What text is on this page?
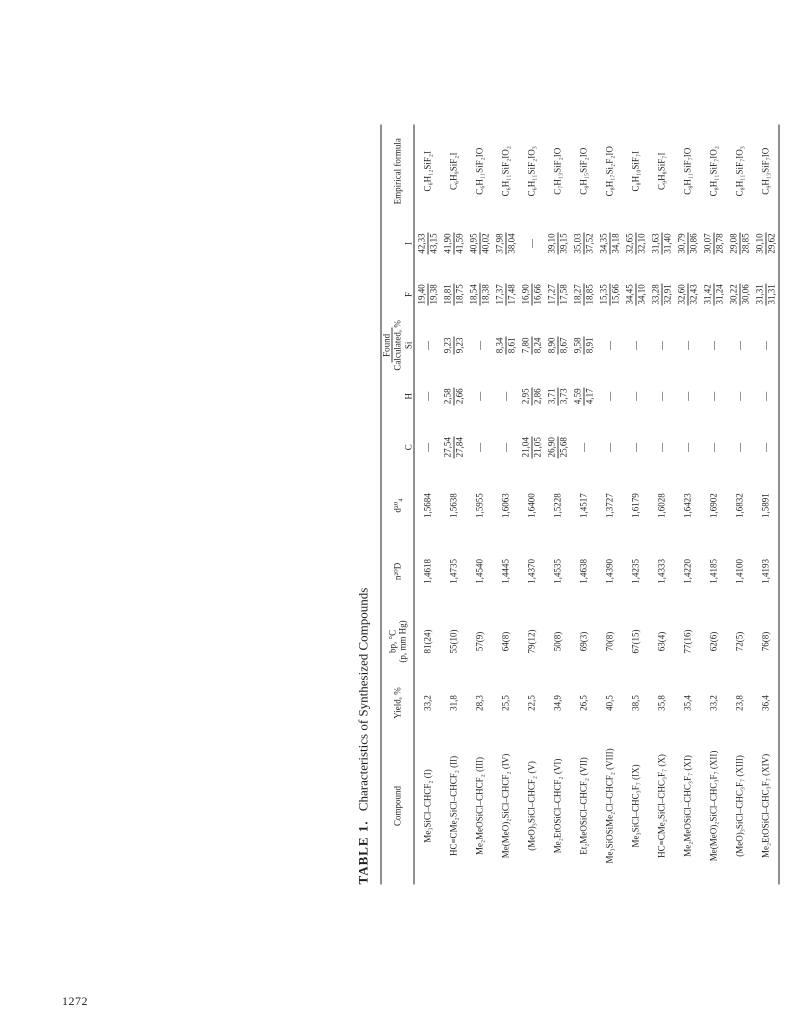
1272
TABLE 1. Characteristics of Synthesized Compounds	Compound	Yield, %	bp, °C (p, mm Hg)	n²⁰D	d²⁰₄	Found					Empirical formula
					Calculated, %					
					C	H	Si	F	I	
Me₃SiCl–CHCF₂ (I)	33,2	81(24)	1,4618	1,5684	—	—	—	19,40 19,38	42,33 43,15	C₆H₁₂SiF₂I
HC≡CMe₂SiCl–CHCF₂ (II)	31,8	55(10)	1,4735	1,5638	27,54 27,84	2,58 2,66	9,23 9,23	18,81 18,75	41,90 41,59	C₆H₉SiF₂I
Me₂MeOSiCl–CHCF₂ (III)	28,3	57(9)	1,4540	1,5955	—	—	—	18,54 18,38	40,95 40,02	C₆H₁₁SiF₂IO
Me(MeO)₂SiCl–CHCF₂ (IV)	25,5	64(8)	1,4445	1,6063	—	—	8,34 8,61	17,37 17,48	37,98 38,04	C₆H₁₁SiF₂IO₂
(MeO)₃SiCl–CHCF₂ (V)	22,5	79(12)	1,4370	1,6400	21,04 21,05	2,95 2,86	7,80 8,24	16,90 16,66	—	C₆H₁₁SiF₂IO₃
Me₂EtOSiCl–CHCF₂ (VI)	34,9	50(8)	1,4535	1,5228	26,90 25,68	3,71 3,73	8,90 8,67	17,27 17,58	39,10 39,15	C₇H₁₃SiF₂IO
Et₂MeOSiCl–CHCF₂ (VII)	26,5	69(3)	1,4638	1,4517	—	4,59 4,17	9,58 8,91	18,27 18,85	35,03 37,52	C₈H₁₅SiF₂IO
Me₃SiOSiMe₂Cl–CHCF₂ (VIII)	40,5	70(8)	1,4390	1,3727	—	—	—	15,35 15,66	34,35 34,18	C₈H₁₇Si₂F₂IO
Me₃SiCl–CHC₃F₇ (IX)	38,5	67(15)	1,4235	1,6179	—	—	—	34,45 34,10	32,65 32,10	C₈H₁₀SiF₇I
HC≡CMe₂SiCl–CHC₃F₇ (X)	35,8	63(4)	1,4333	1,6028	—	—	—	33,28 32,91	31,63 31,40	C₉H₈SiF₇I
Me₂MeOSiCl–CHC₃F₇ (XI)	35,4	77(16)	1,4220	1,6423	—	—	—	32,60 32,43	30,79 30,86	C₈H₁₁SiF₇IO
Me(MeO)₂SiCl–CHC₃F₇ (XII)	33,2	62(6)	1,4185	1,6902	—	—	—	31,42 31,24	30,07 28,78	C₈H₁₁SiF₇IO₂
(MeO)₃SiCl–CHC₃F₇ (XIII)	23,8	72(5)	1,4100	1,6832	—	—	—	30,22 30,06	29,08 28,85	C₈H₁₁SiF₇IO₃
Me₂EtOSiCl–CHC₃F₇ (XIV)	36,4	76(8)	1,4193	1,5891	—	—	—	31,31 31,31	30,10 29,62	C₉H₁₃SiF₇IO
